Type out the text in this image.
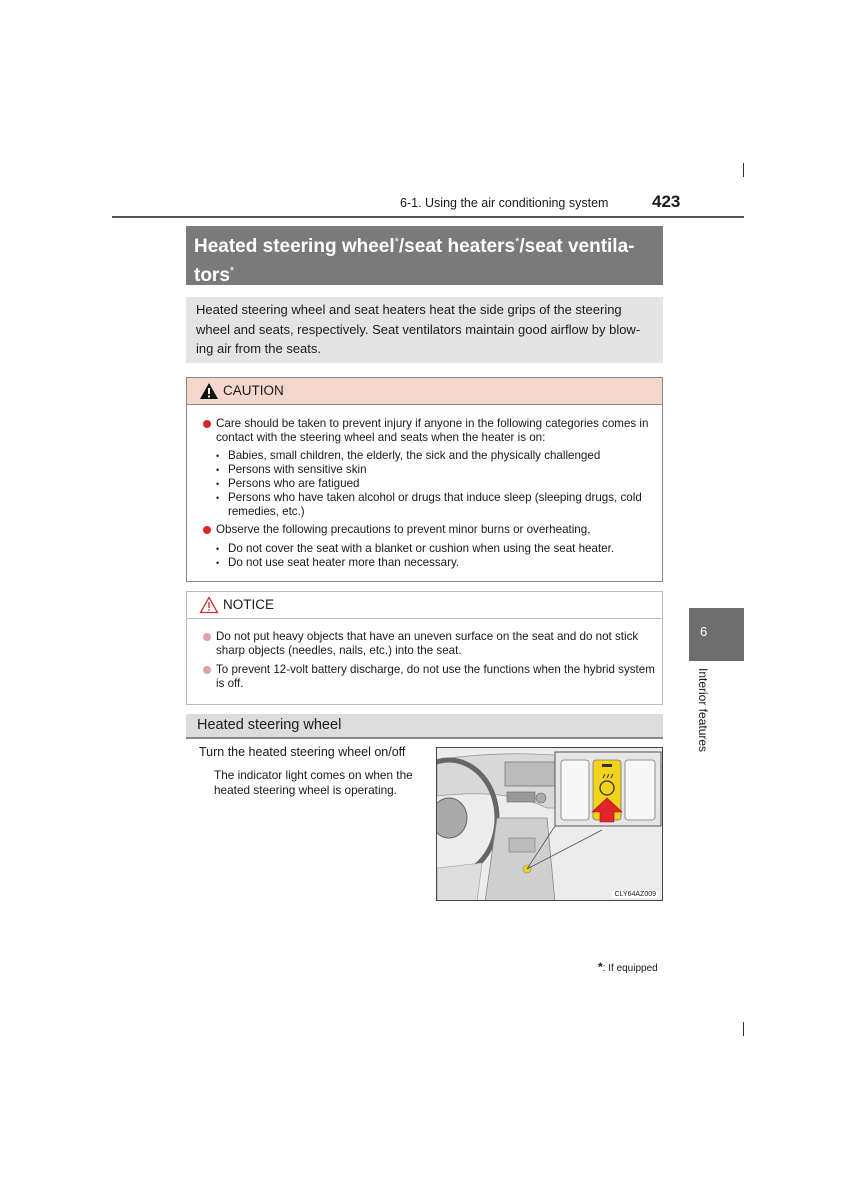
6-1. Using the air conditioning system	423
Heated steering wheel*/seat heaters*/seat ventila-
tors*
Heated steering wheel and seat heaters heat the side grips of the steering
wheel and seats, respectively. Seat ventilators maintain good airflow by blow-
ing air from the seats.
CAUTION
Care should be taken to prevent injury if anyone in the following categories comes in
contact with the steering wheel and seats when the heater is on:
• Babies, small children, the elderly, the sick and the physically challenged
• Persons with sensitive skin
• Persons who are fatigued
• Persons who have taken alcohol or drugs that induce sleep (sleeping drugs, cold
remedies, etc.)
Observe the following precautions to prevent minor burns or overheating,
• Do not cover the seat with a blanket or cushion when using the seat heater.
• Do not use seat heater more than necessary.
NOTICE
Do not put heavy objects that have an uneven surface on the seat and do not stick
sharp objects (needles, nails, etc.) into the seat.
To prevent 12-volt battery discharge, do not use the functions when the hybrid system
is off.
Heated steering wheel
Turn the heated steering wheel on/off
The indicator light comes on when the
heated steering wheel is operating.
CLY64AZ009
6
Interior features
*: If equipped
